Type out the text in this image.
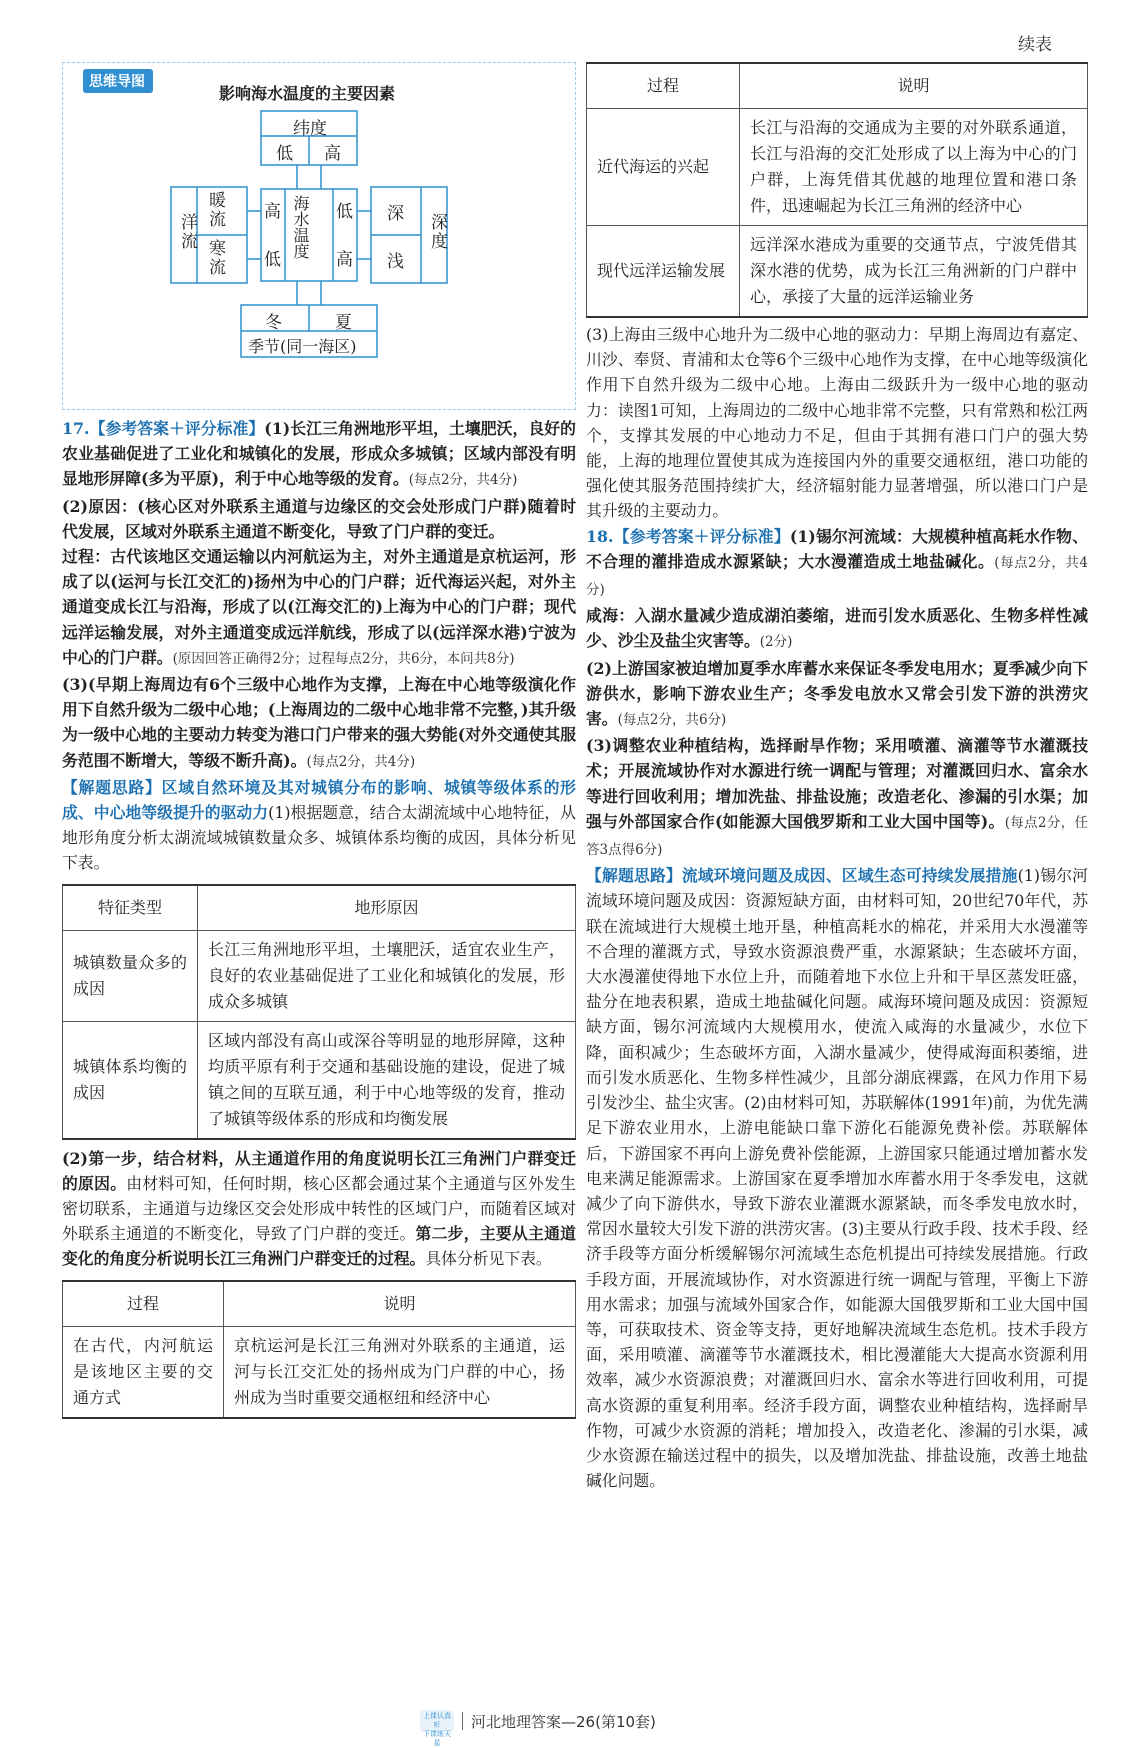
续表
思维导图
影响海水温度的主要因素
纬度
低 高
高
低
海水温度 低
高
洋流
暖流
寒流
深
浅
深度
冬	夏
季节(同一海区)

17.【参考答案＋评分标准】(1)长江三角洲地形平坦，土壤肥沃，良好的农业基础促进了工业化和城镇化的发展，形成众多城镇；区域内部没有明显地形屏障(多为平原)，利于中心地等级的发育。(每点2分，共4分)

(2)原因：(核心区对外联系主通道与边缘区的交会处形成门户群)随着时代发展，区域对外联系主通道不断变化，导致了门户群的变迁。

过程：古代该地区交通运输以内河航运为主，对外主通道是京杭运河，形成了以(运河与长江交汇的)扬州为中心的门户群；近代海运兴起，对外主通道变成长江与沿海，形成了以(江海交汇的)上海为中心的门户群；现代远洋运输发展，对外主通道变成远洋航线，形成了以(远洋深水港)宁波为中心的门户群。(原因回答正确得2分；过程每点2分，共6分，本问共8分)

(3)(早期上海周边有6个三级中心地作为支撑，上海在中心地等级演化作用下自然升级为二级中心地；(上海周边的二级中心地非常不完整，)其升级为一级中心地的主要动力转变为港口门户带来的强大势能(对外交通使其服务范围不断增大，等级不断升高)。(每点2分，共4分)

【解题思路】区域自然环境及其对城镇分布的影响、城镇等级体系的形成、中心地等级提升的驱动力(1)根据题意，结合太湖流域中心地特征，从地形角度分析太湖流域城镇数量众多、城镇体系均衡的成因，具体分析见下表。

特征类型	地形原因
城镇数量众多的成因	长江三角洲地形平坦，土壤肥沃，适宜农业生产，良好的农业基础促进了工业化和城镇化的发展，形成众多城镇
城镇体系均衡的成因	区域内部没有高山或深谷等明显的地形屏障，这种均质平原有利于交通和基础设施的建设，促进了城镇之间的互联互通，利于中心地等级的发育，推动了城镇等级体系的形成和均衡发展

(2)第一步，结合材料，从主通道作用的角度说明长江三角洲门户群变迁的原因。由材料可知，任何时期，核心区都会通过某个主通道与区外发生密切联系，主通道与边缘区交会处形成中转性的区域门户，而随着区域对外联系主通道的不断变化，导致了门户群的变迁。第二步，主要从主通道变化的角度分析说明长江三角洲门户群变迁的过程。具体分析见下表。

过程	说明
在古代，内河航运是该地区主要的交通方式	京杭运河是长江三角洲对外联系的主通道，运河与长江交汇处的扬州成为门户群的中心，扬州成为当时重要交通枢纽和经济中心
过程	说明
近代海运的兴起	长江与沿海的交通成为主要的对外联系通道，长江与沿海的交汇处形成了以上海为中心的门户群，上海凭借其优越的地理位置和港口条件，迅速崛起为长江三角洲的经济中心
现代远洋运输发展	远洋深水港成为重要的交通节点，宁波凭借其深水港的优势，成为长江三角洲新的门户群中心，承接了大量的远洋运输业务

(3)上海由三级中心地升为二级中心地的驱动力：早期上海周边有嘉定、川沙、奉贤、青浦和太仓等6个三级中心地作为支撑，在中心地等级演化作用下自然升级为二级中心地。上海由二级跃升为一级中心地的驱动力：读图1可知，上海周边的二级中心地非常不完整，只有常熟和松江两个，支撑其发展的中心地动力不足，但由于其拥有港口门户的强大势能，上海的地理位置使其成为连接国内外的重要交通枢纽，港口功能的强化使其服务范围持续扩大，经济辐射能力显著增强，所以港口门户是其升级的主要动力。

18.【参考答案＋评分标准】(1)锡尔河流域：大规模种植高耗水作物、不合理的灌排造成水源紧缺；大水漫灌造成土地盐碱化。(每点2分，共4分)

咸海：入湖水量减少造成湖泊萎缩，进而引发水质恶化、生物多样性减少、沙尘及盐尘灾害等。(2分)

(2)上游国家被迫增加夏季水库蓄水来保证冬季发电用水；夏季减少向下游供水，影响下游农业生产；冬季发电放水又常会引发下游的洪涝灾害。(每点2分，共6分)

(3)调整农业种植结构，选择耐旱作物；采用喷灌、滴灌等节水灌溉技术；开展流域协作对水源进行统一调配与管理；对灌溉回归水、富余水等进行回收利用；增加洗盐、排盐设施；改造老化、渗漏的引水渠；加强与外部国家合作(如能源大国俄罗斯和工业大国中国等)。(每点2分，任答3点得6分)

【解题思路】流域环境问题及成因、区域生态可持续发展措施(1)锡尔河流域环境问题及成因：资源短缺方面，由材料可知，20世纪70年代，苏联在流域进行大规模土地开垦，种植高耗水的棉花，并采用大水漫灌等不合理的灌溉方式，导致水资源浪费严重，水源紧缺；生态破坏方面，大水漫灌使得地下水位上升，而随着地下水位上升和干旱区蒸发旺盛，盐分在地表积累，造成土地盐碱化问题。咸海环境问题及成因：资源短缺方面，锡尔河流域内大规模用水，使流入咸海的水量减少，水位下降，面积减少；生态破坏方面，入湖水量减少，使得咸海面积萎缩，进而引发水质恶化、生物多样性减少，且部分湖底裸露，在风力作用下易引发沙尘、盐尘灾害。(2)由材料可知，苏联解体(1991年)前，为优先满足下游农业用水，上游电能缺口靠下游化石能源免费补偿。苏联解体后，下游国家不再向上游免费补偿能源，上游国家只能通过增加蓄水发电来满足能源需求。上游国家在夏季增加水库蓄水用于冬季发电，这就减少了向下游供水，导致下游农业灌溉水源紧缺，而冬季发电放水时，常因水量较大引发下游的洪涝灾害。(3)主要从行政手段、技术手段、经济手段等方面分析缓解锡尔河流域生态危机提出可持续发展措施。行政手段方面，开展流域协作，对水资源进行统一调配与管理，平衡上下游用水需求；加强与流域外国家合作，如能源大国俄罗斯和工业大国中国等，可获取技术、资金等支持，更好地解决流域生态危机。技术手段方面，采用喷灌、滴灌等节水灌溉技术，相比漫灌能大大提高水资源利用效率，减少水资源浪费；对灌溉回归水、富余水等进行回收利用，可提高水资源的重复利用率。经济手段方面，调整农业种植结构，选择耐旱作物，可减少水资源的消耗；增加投入，改造老化、渗漏的引水渠，减少水资源在输送过程中的损失，以及增加洗盐、排盐设施，改善土地盐碱化问题。

上课认真听
下课练天星
河北地理答案—26(第10套)
